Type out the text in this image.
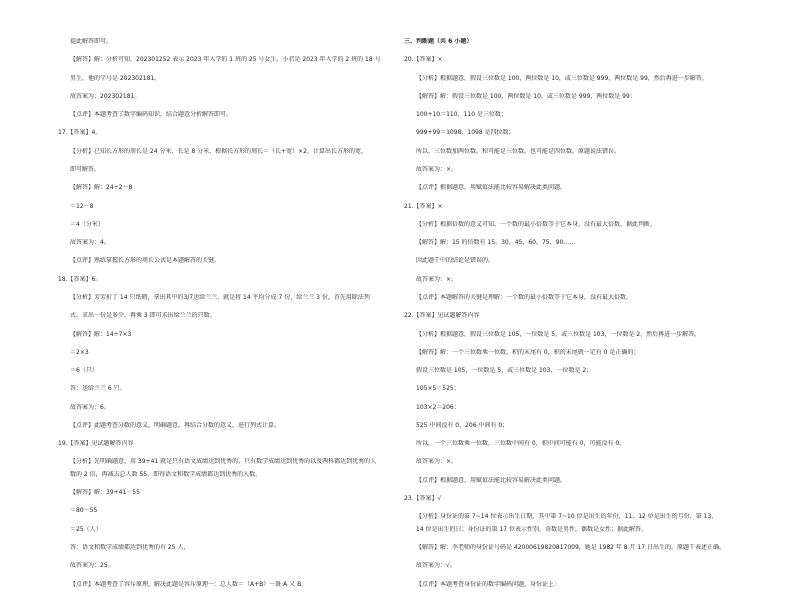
提此解答即可。
【解答】解：分析可知，202301252 表示 2023 年入学的 1 班的 25 号女生，小君是 2023 年入学的 2 班的 18 号
男生，他的学号是 202302181。
故答案为：202302181。
【点评】本题考查了数字编码知识，结合题意分析解答即可。
17.【答案】4。
【分析】已知长方形的周长是 24 分米，长是 8 分米，根据长方形的周长＝（长+宽）×2，计算出长方形的宽，
即可解答。
【解答】解：24÷2－8
＝12－8
＝4（分米）
故答案为：4。
【点评】熟练掌握长方形的周长公式是本题解答的关键。
18.【答案】6。
【分析】芳芳折了 14 只纸鹤，拿出其中的3/7送给兰兰，就是将 14 平均分成 7 份，给兰兰 3 份，首先用除法列
式，求出一份是多少，再乘 3 即可求出给兰兰的只数。
【解答】解：14÷7×3
＝2×3
＝6（只）
答：送给兰兰 6 只。
故答案为：6。
【点评】此题考查分数的意义，明确题意，再结合分数的意义，进行列式计算。
19.【答案】见试题解答内容
【分析】先明确题意，用 39+41 就是只有语文成绩达到优秀的、只有数学成绩达到优秀的以及两科都达到优秀的人
数的 2 倍，再减去总人数 55，即得语文和数学成绩都达到优秀的人数。
【解答】解：39+41－55
＝80－55
＝25（人）
答：语文和数学成绩都达到优秀的有 25 人，
故答案为：25。
【点评】本题考查了容斥原理，解决此题是容斥原理一：总人数＝（A+B）－既 A 又 B.
三、判断题（共 6 小题）
20.【答案】×
【分析】根据题意，假设三位数是 100，两位数是 10，或三位数是 999，两位数是 99，然后再进一步解答。
【解答】解：假设三位数是 100，两位数是 10，或三位数是 999，两位数是 99；
100+10＝110，110 是三位数；
999+99＝1098，1098 是四位数；
所以，三位数加两位数，和可能是三位数，也可能是四位数，原题说法错误。
故答案为：×。
【点评】根据题意，用赋值法能比较容易解决此类问题。
21.【答案】×
【分析】根据倍数的意义可知，一个数的最小倍数等于它本身，没有最大倍数，据此判断。
【解答】解：15 的倍数有 15，30，45，60，75，90……
因此题干中的结论是错误的。
故答案为：×。
【点评】本题解答的关键是理解：一个数的最小倍数等于它本身，没有最大倍数。
22.【答案】见试题解答内容
【分析】根据题意，假设三位数是 105，一位数是 5，或三位数是 103，一位数是 2，然后再进一步解答。
【解答】解：一个三位数乘一位数，积的末尾有 0，积的末尾就一定有 0 是正确的；
假设三位数是 105，一位数是 5，或三位数是 103，一位数是 2；
105×5＝525；
103×2＝206；
525 中间没有 0，206 中间有 0；
所以，一个三位数乘一位数，三位数中间有 0，积中间可能有 0，可能没有 0。
故答案为：×。
【点评】根据题意，用赋值法能比较容易解决此类问题。
23.【答案】√
【分析】身份证的第 7~14 位表示出生日期，其中第 7~10 位是出生的年份，11、12 位是出生的月份，第 13、
14 位是出生的日；身份证的第 17 位表示性别，奇数是男性，偶数是女性；据此解答。
【解答】解：李老师的身份证号码是 42000619820817009，她是 1982 年 8 月 17 日出生的，原题干表述正确。
故答案为：√。
【点评】本题考查身份证的数字编码问题，身份证上：
